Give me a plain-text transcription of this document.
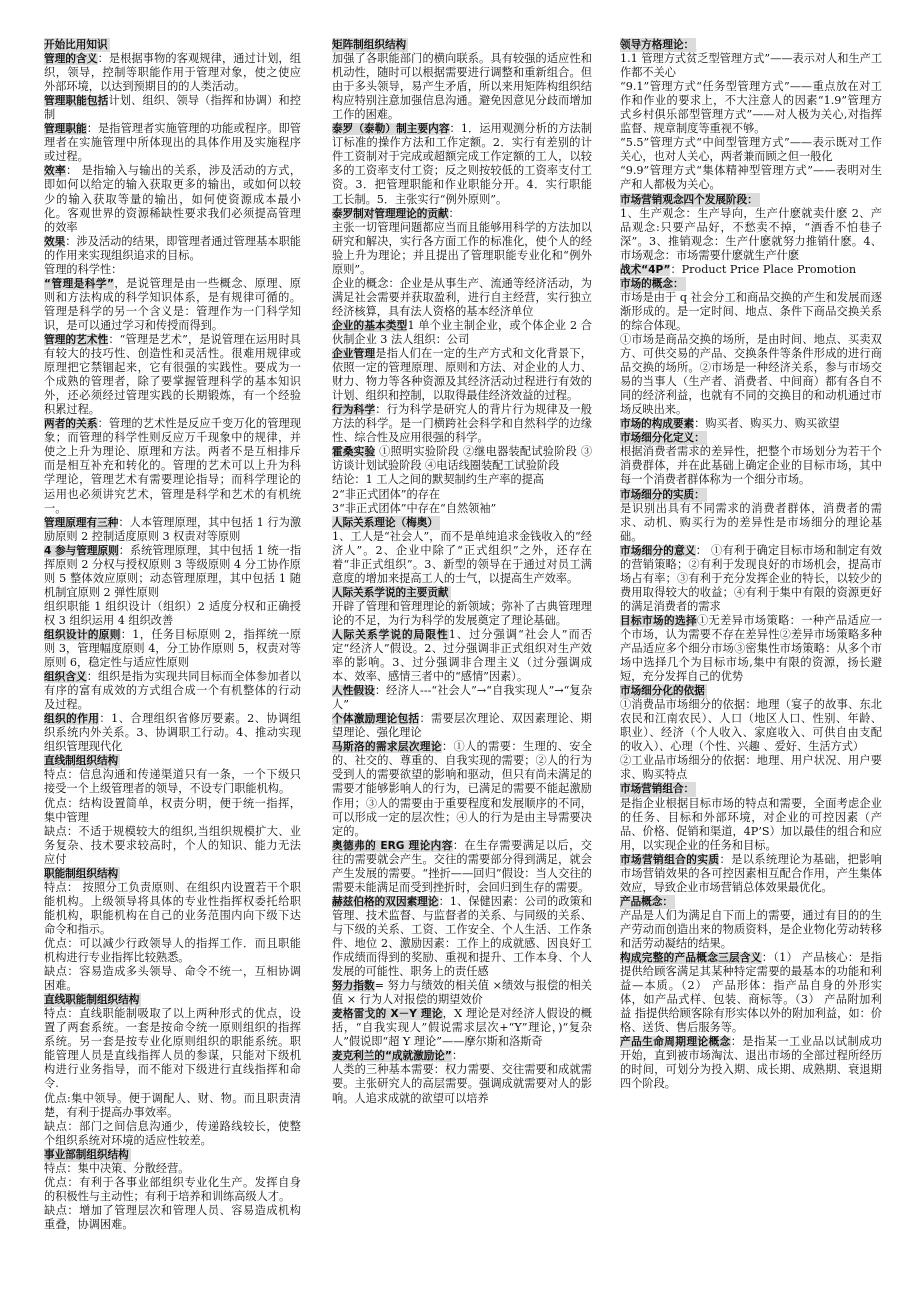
开始比用知识

管理的含义：是根据事物的客观规律，通过计划，组织，领导，控制等职能作用于管理对象，使之使应外部环境，以达到预期目的的人类活动。

管理职能包括计划、组织、领导（指挥和协调）和控制

管理职能：是指管理者实施管理的功能或程序。即管理者在实施管理中所体现出的具体作用及实施程序或过程。

效率： 是指输入与输出的关系，涉及活动的方式，即如何以给定的输入获取更多的输出，或如何以较少的输入获取等量的输出，如何使资源成本最小化。客观世界的资源稀缺性要求我们必须提高管理的效率

效果：涉及活动的结果，即管理者通过管理基本职能的作用来实现组织追求的目标。

管理的科学性：

“管理是科学”，是说管理是由一些概念、原理、原则和方法构成的科学知识体系，是有规律可循的。管理是科学的另一个含义是：管理作为一门科学知识，是可以通过学习和传授而得到。

管理的艺术性：“管理是艺术”，是说管理在运用时具有较大的技巧性、创造性和灵活性。很难用规律或原理把它禁锢起来，它有很强的实践性。要成为一个成熟的管理者，除了要掌握管理科学的基本知识外，还必须经过管理实践的长期锻炼，有一个经验积累过程。

两者的关系：管理的艺术性是反应千变万化的管理现象；而管理的科学性则反应万千现象中的规律，并使之上升为理论、原理和方法。两者不是互相排斥而是相互补充和转化的。管理的艺术可以上升为科学理论，管理艺术有需要理论指导；而科学理论的运用也必须讲究艺术，管理是科学和艺术的有机统一。

管理原理有三种：人本管理原理，其中包括 1 行为激励原则 2 控制适度原则 3 权责对等原则

4 参与管理原则：系统管理原理，其中包括 1 统一指挥原则 2 分权与授权原则 3 等级原则 4 分工协作原则 5 整体效应原则；动态管理原理，其中包括 1 随机制宜原则 2 弹性原则

组织职能 1 组织设计（组织）2 适度分权和正确授权 3 组织运用 4 组织改善

组织设计的原则：1，任务目标原则 2，指挥统一原则 3，管理幅度原则 4，分工协作原则 5，权责对等原则 6，稳定性与适应性原则

组织含义：组织是指为实现共同目标而全体参加者以有序的富有成效的方式组合成一个有机整体的行动及过程。

组织的作用：1、合理组织省修厉要素。2、协调组织系统内外关系。3、协调职工行动。4、推动实现组织管理现代化

直线制组织结构

特点：信息沟通和传递渠道只有一条，一个下级只接受一个上级管理者的领导，不设专门职能机构。

优点：结构设置简单，权责分明，便于统一指挥，集中管理

缺点：不适于规模较大的组织,当组织规模扩大、业务复杂、技术要求较高时，个人的知识、能力无法应付

职能制组织结构

特点： 按照分工负责原则、在组织内设置若干个职能机构。上级领导将具体的专业性指挥权委托给职能机构，职能机构在自己的业务范围内向下级下达命令和指示。

优点：可以减少行政领导人的指挥工作．而且职能机构进行专业指挥比较熟悉。

缺点：容易造成多头领导、命令不统一，互相协调困难。

直线职能制组织结构

特点：直线职能制吸取了以上两种形式的优点，设置了两套系统。一套是按命令统一原则组织的指挥系统。另一套是按专业化原则组织的职能系统。职能管理人员是直线指挥人员的参谋，只能对下级机构进行业务指导，而不能对下级进行直线指挥和命令.

优点:集中领导。便于调配人、财、物。而且职责清楚，有利于提高办事效率。

缺点：部门之间信息沟通少，传递路线较长，使整个组织系统对环境的适应性较差。

事业部制组织结构

特点：集中决策、分散经营。

优点：有利于各事业部组织专业化生产。发挥自身的积极性与主动性；有利于培养和训练高级人才。

缺点：增加了管理层次和管理人员、容易造成机构重叠，协调困难。

矩阵制组织结构

加强了各职能部门的横向联系。具有较强的适应性和机动性，随时可以根据需要进行调整和重新组合。但由于多头领导，易产生矛盾，所以来用矩阵构组织结构应特别注意加强信息沟通。避免因意见分歧而增加工作的困难。

泰罗（泰勒）制主要内容：1．运用观测分析的方法制订标准的操作方法和工作定额。2．实行有差别的计件工资制对于完成或超额完成工作定额的工人，以较多的工资率支付工资；反之则按较低的工资率支付工资。3．把管理职能和作业职能分开。4．实行职能工长制。5．主张实行“例外原则”。

泰罗制对管理理论的贡献：

主张一切管理问题都应当而且能够用科学的方法加以研究和解决，实行各方面工作的标准化，使个人的经验上升为理论；并且提出了管理职能专业化和“例外原则”。

企业的概念：企业是从事生产、流通等经济活动，为满足社会需要并获取盈利，进行自主经营，实行独立经济核算，具有法人资格的基本经济单位

企业的基本类型1 单个业主制企业，或个体企业 2 合伙制企业 3 法人组织：公司

企业管理是指人们在一定的生产方式和文化背景下，依照一定的管理原理、原则和方法、对企业的人力、财力、物力等各种资源及其经济活动过程进行有效的计划、组织和控制，以取得最佳经济效益的过程。

行为科学：行为科学是研究人的背片行为规律及一般方法的科学。是一门横跨社会科学和自然科学的边缘性、综合性及应用很强的科学。

霍桑实验 ①照明实验阶段 ②继电器装配试验阶段 ③ 访谈计划试验阶段 ④电话线圈装配工试验阶段

结论：1 工人之间的默契制约生产率的提高

2“非正式团体”的存在

3“非正式团体”中存在“自然领袖”

人际关系理论（梅奥）

1、工人是“社会人”，而不是单纯追求金钱收入的“经济人”。2、企业中除了“正式组织”之外，还存在着“非正式组织”。3、新型的领导在于通过对员工满意度的增加来提高工人的士气，以提高生产效率。

人际关系学说的主要贡献

开辟了管理和管理理论的新领域；弥补了古典管理理论的不足，为行为科学的发展奠定了理论基础。

人际关系学说的局限性1、过分强调“社会人”而否定“经济人”假设。2、过分强调非正式组织对生产效率的影响。3、过分强调非合理主义（过分强调成本、效率、感情三者中的“感情”因素）。

人性假设：经济人---“社会人”→“自我实现人”→“复杂人”

个体激励理论包括：需要层次理论、双因素理论、期望理论、强化理论

马斯洛的需求层次理论：①人的需要：生理的、安全的、社交的、尊重的、自我实现的需要；②人的行为受到人的需要欲望的影响和驱动，但只有尚未满足的需要才能够影响人的行为，已满足的需要不能起激励作用；③人的需要由于重要程度和发展顺序的不同，可以形成一定的层次性；④人的行为是由主导需要决定的。

奥德弗的 ERG 理论内容：在生存需要满足以后，交往的需要就会产生。交往的需要部分得到满足，就会产生发展的需要。“挫折——回归”假设：当人交往的需要未能满足而受到挫折时，会回归到生存的需要。

赫兹伯格的双因素理论：1、保健因素：公司的政策和管理、技术监督、与监督者的关系、与同级的关系、与下级的关系、工资、工作安全、个人生活、工作条件、地位 2、激励因素：工作上的成就感、因良好工作成绩而得到的奖励、重视和提升、工作本身、个人发展的可能性、职务上的责任感

努力指数= 努力与绩效的相关值 ×绩效与报偿的相关值 × 行为人对报偿的期望效价

麦格雷戈的 X－Y 理论，X 理论是对经济人假设的概括，“自我实现人”假说需求层次+“Y”理论，)“复杂人”假说即“超 Y 理论”——摩尔斯和洛斯奇

麦克利兰的“成就激励论”：

人类的三种基本需要：权力需要、交往需要和成就需要。主张研究人的高层需要。强调成就需要对人的影响。人追求成就的欲望可以培养

领导方格理论：

1.1 管理方式贫乏型管理方式”——表示对人和生产工作都不关心

“9.1”管理方式“任务型管理方式”——重点放在对工作和作业的要求上，不大注意人的因素“1.9”管理方式乡村俱乐部型管理方式”——对人极为关心,对指挥监督、规章制度等重视不够。

“5.5”管理方式“中间型管理方式”——表示既对工作关心，也对人关心，两者兼而顾之但一般化

“9.9”管理方式“集体精神型管理方式”——表明对生产和人都极为关心。

市场营销观念四个发展阶段：

1、生产观念：生产导向，生产什麽就卖什麽 2、产品观念:只要产品好，不愁卖不掉，“酒香不怕巷子深”。3、推销观念：生产什麽就努力推销什麽。4、市场观念：市场需要什麽就生产什麽

战术“4P”：Product Price Place Promotion

市场的概念：

市场是由于 q 社会分工和商品交换的产生和发展而逐渐形成的。是一定时间、地点、条件下商品交换关系的综合体现。

①市场是商品交换的场所，是由时间、地点、买卖双方、可供交易的产品、交换条件等条件形成的进行商品交换的场所。②市场是一种经济关系，参与市场交易的当事人（生产者、消费者、中间商）都有各自不同的经济利益，也就有不同的交换目的和动机通过市场反映出来。

市场的构成要素：购买者、购买力、购买欲望

市场细分化定义：

根据消费者需求的差异性，把整个市场划分为若干个消费群体，并在此基础上确定企业的目标市场，其中每一个消费者群体称为一个细分市场。

市场细分的实质：

是识别出具有不同需求的消费者群体，消费者的需求、动机、购买行为的差异性是市场细分的理论基础。

市场细分的意义： ①有利于确定目标市场和制定有效的营销策略；②有利于发现良好的市场机会，提高市场占有率；③有利于充分发挥企业的特长，以较少的费用取得较大的收益；④有利于集中有限的资源更好的满足消费者的需求

目标市场的选择①无差异市场策略：一种产品适应一个市场，认为需要不存在差异性②差异市场策略多种产品适应多个细分市场③密集性市场策略：从多个市场中选择几个为目标市场,集中有限的资源，扬长避短，充分发挥自己的优势

市场细分化的依据

①消费品市场细分的依据：地理（宴子的故事、东北农民和江南农民）、人口（地区人口、性别、年龄、职业）、经济（个人收入、家庭收入、可供自由支配的收入）、心理（个性、兴趣 、爱好、生活方式）

②工业品市场细分的依据：地理、用户状况、用户要求、购买特点

市场营销组合：

是指企业根据目标市场的特点和需要，全面考虑企业的任务、目标和外部环境，对企业的可控因素（产品、价格、促销和渠道，4P’S）加以最佳的组合和应用，以实现企业的任务和目标。

市场营销组合的实质：是以系统理论为基础，把影响市场营销效果的各可控因素相互配合作用，产生集体效应，导致企业市场营销总体效果最优化。

产品概念：

产品是人们为满足自下而上的需要，通过有目的的生产劳动而创造出来的物质资料，是企业物化劳动转移和活劳动凝结的结果。

构成完整的产品概念三层含义：（1） 产品核心：是指提供给顾客满足其某种特定需要的最基本的功能和利益—本质。（2） 产品形体：指产品自身的外形实体，如产品式样、包装、商标等。（3） 产品附加利益 指提供给顾客除有形实体以外的附加利益，如：价格、送货、售后服务等。

产品生命周期理论概念：是指某一工业品以试制成功开始，直到被市场淘汰、退出市场的全部过程所经历的时间，可划分为投入期、成长期、成熟期、衰退期四个阶段。
